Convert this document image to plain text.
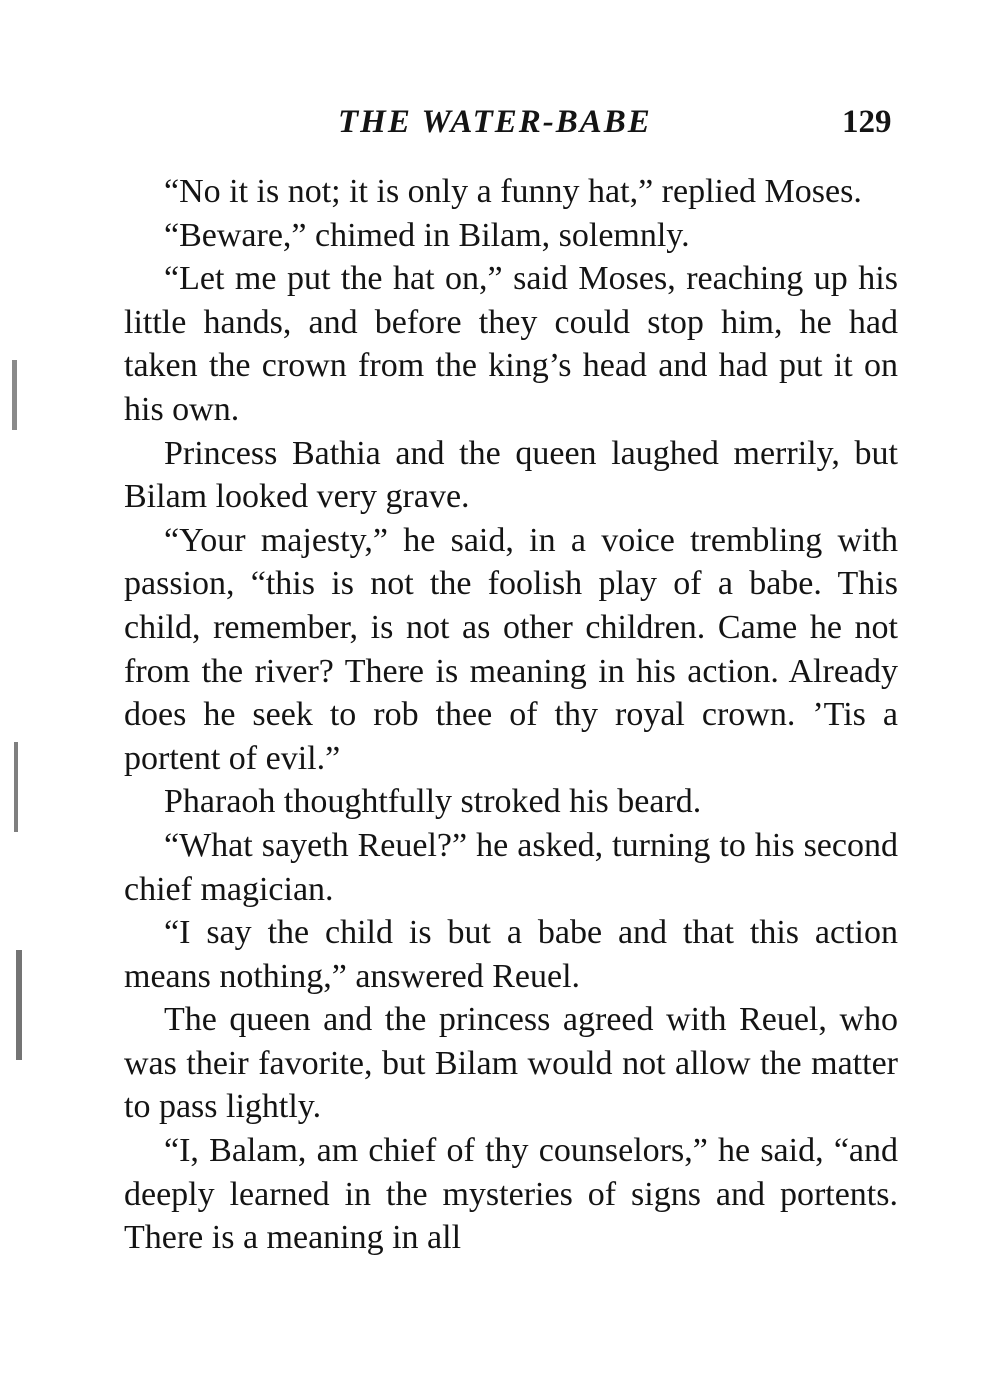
THE WATER-BABE	129

“No it is not; it is only a funny hat,” replied Moses.

“Beware,” chimed in Bilam, solemnly.

“Let me put the hat on,” said Moses, reaching up his little hands, and before they could stop him, he had taken the crown from the king’s head and had put it on his own.

Princess Bathia and the queen laughed merrily, but Bilam looked very grave.

“Your majesty,” he said, in a voice trembling with passion, “this is not the foolish play of a babe. This child, remember, is not as other children. Came he not from the river? There is meaning in his action. Already does he seek to rob thee of thy royal crown. ’Tis a portent of evil.”

Pharaoh thoughtfully stroked his beard.

“What sayeth Reuel?” he asked, turning to his second chief magician.

“I say the child is but a babe and that this action means nothing,” answered Reuel.

The queen and the princess agreed with Reuel, who was their favorite, but Bilam would not allow the matter to pass lightly.

“I, Balam, am chief of thy counselors,” he said, “and deeply learned in the mysteries of signs and portents. There is a meaning in all
